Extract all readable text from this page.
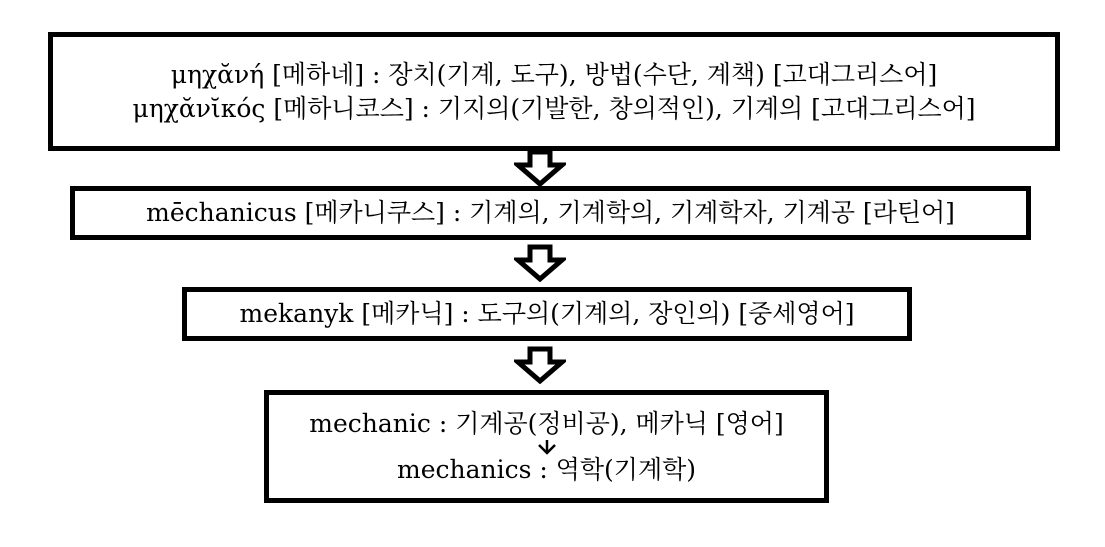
μηχᾰνή [메하네] : 장치(기계, 도구), 방법(수단, 계책) [고대그리스어]
μηχᾰνῐκός [메하니코스] : 기지의(기발한, 창의적인), 기계의 [고대그리스어]
mēchanicus [메카니쿠스] : 기계의, 기계학의, 기계학자, 기계공 [라틴어]
mekanyk [메카닉] : 도구의(기계의, 장인의) [중세영어]
mechanic : 기계공(정비공), 메카닉 [영어]
mechanics : 역학(기계학)
